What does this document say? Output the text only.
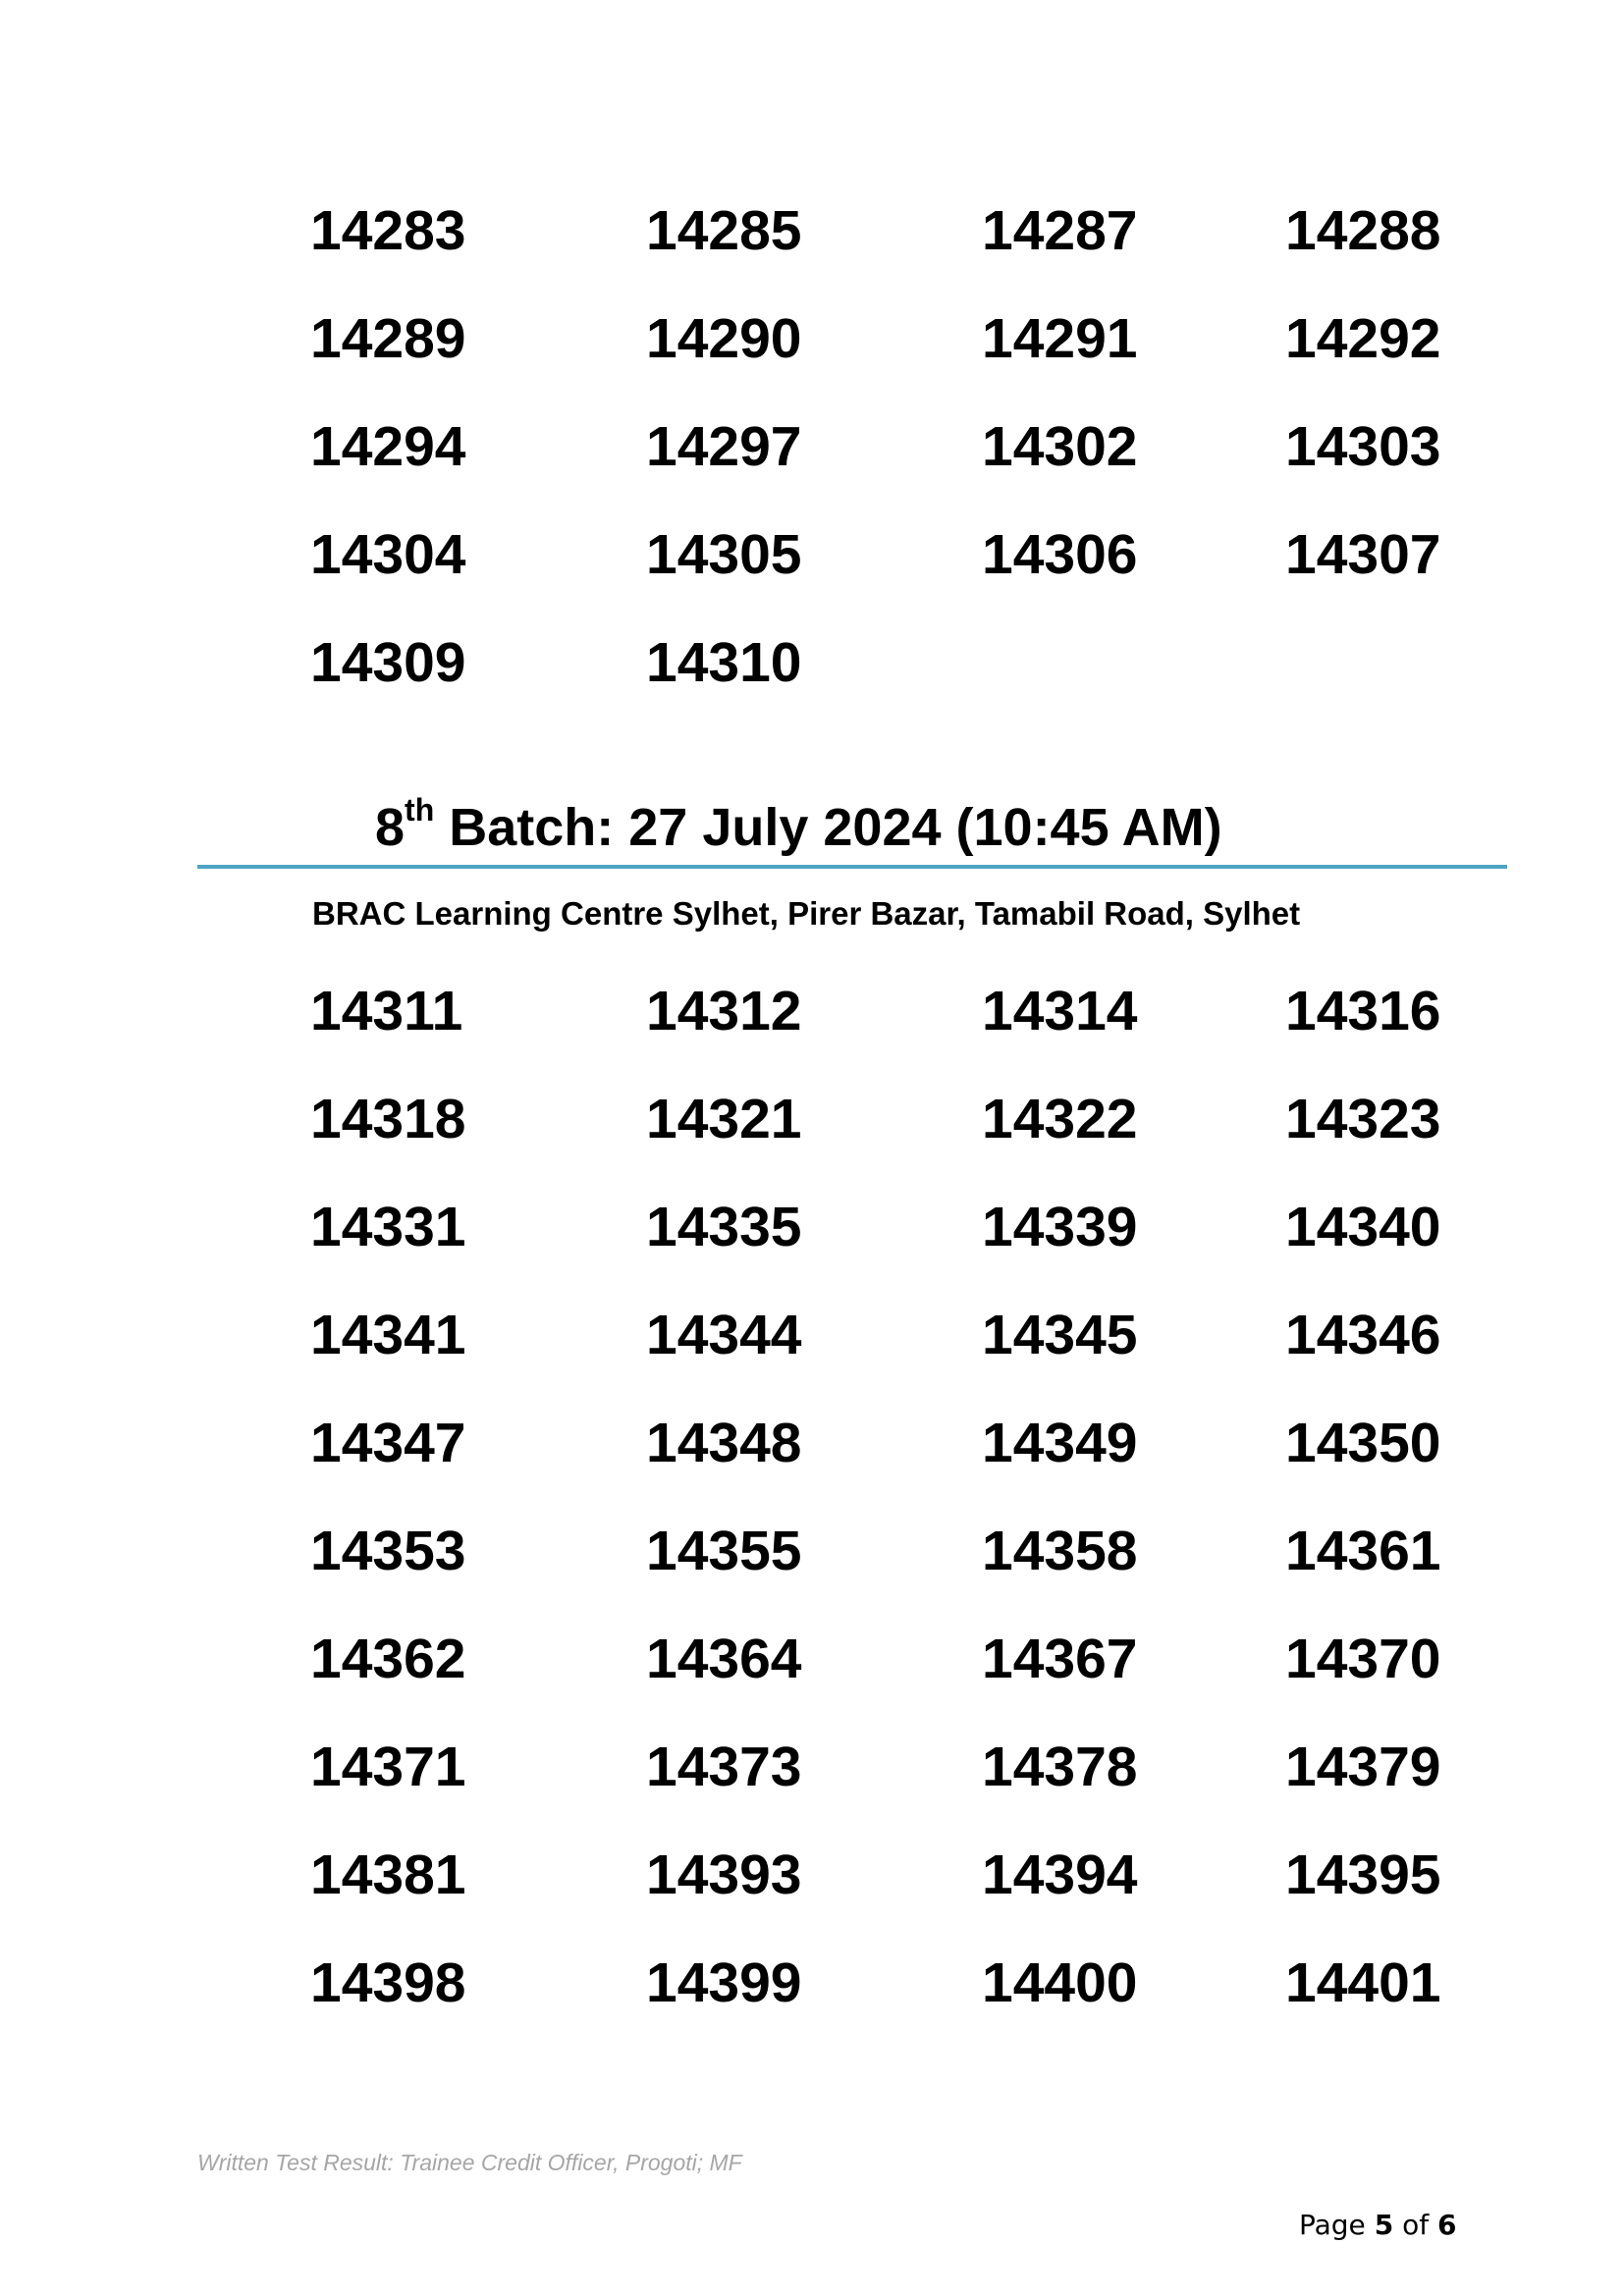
14283	14285	14287	14288
14289	14290	14291	14292
14294	14297	14302	14303
14304	14305	14306	14307
14309	14310
8th Batch: 27 July 2024 (10:45 AM)
BRAC Learning Centre Sylhet, Pirer Bazar, Tamabil Road, Sylhet
14311	14312	14314	14316
14318	14321	14322	14323
14331	14335	14339	14340
14341	14344	14345	14346
14347	14348	14349	14350
14353	14355	14358	14361
14362	14364	14367	14370
14371	14373	14378	14379
14381	14393	14394	14395
14398	14399	14400	14401
Written Test Result: Trainee Credit Officer, Progoti; MF
Page 5 of 6
